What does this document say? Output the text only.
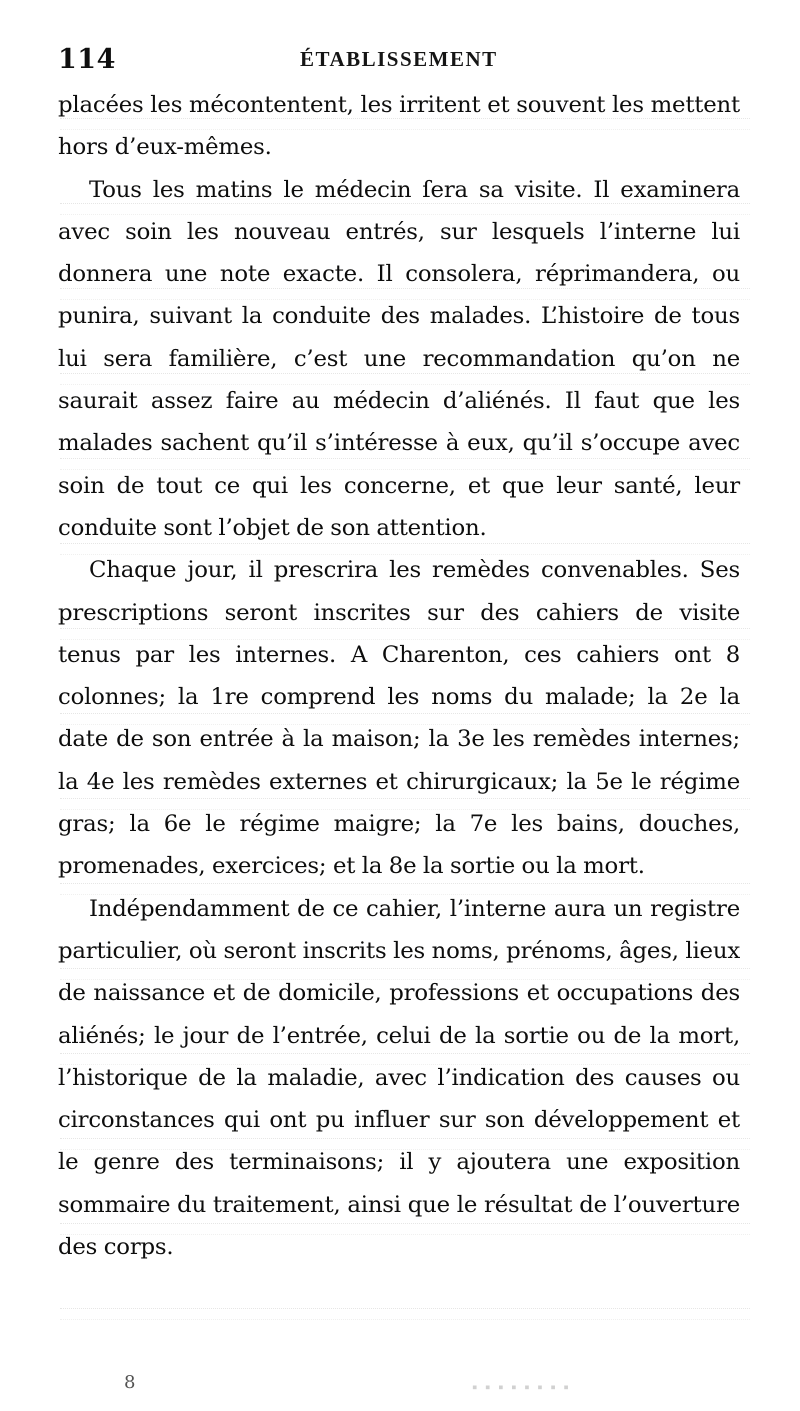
114	ÉTABLISSEMENT

placées les mécontentent, les irritent et souvent les mettent hors d’eux-mêmes.

Tous les matins le médecin ſera sa visite. Il examinera avec soin les nouveau entrés, sur lesquels l’interne lui donnera une note exacte. Il consolera, réprimandera, ou punira, suivant la conduite des malades. L’histoire de tous lui sera familière, c’est une recommandation qu’on ne saurait assez faire au médecin d’aliénés. Il faut que les malades sachent qu’il s’intéresse à eux, qu’il s’occupe avec soin de tout ce qui les concerne, et que leur santé, leur conduite sont l’objet de son attention.

Chaque jour, il prescrira les remèdes convenables. Ses prescriptions seront inscrites sur des cahiers de visite tenus par les internes. A Charenton, ces cahiers ont 8 colonnes; la 1re comprend les noms du malade; la 2e la date de son entrée à la maison; la 3e les remèdes internes; la 4e les remèdes externes et chirurgicaux; la 5e le régime gras; la 6e le régime maigre; la 7e les bains, douches, promenades, exercices; et la 8e la sortie ou la mort.

Indépendamment de ce cahier, l’interne aura un registre particulier, où seront inscrits les noms, prénoms, âges, lieux de naissance et de domicile, professions et occupations des aliénés; le jour de l’entrée, celui de la sortie ou de la mort, l’historique de la maladie, avec l’indication des causes ou circonstances qui ont pu influer sur son développement et le genre des terminaisons; il y ajoutera une exposition sommaire du traitement, ainsi que le résultat de l’ouverture des corps.

8	▪ ▪ ▪ ▪ ▪ ▪ ▪ ▪
